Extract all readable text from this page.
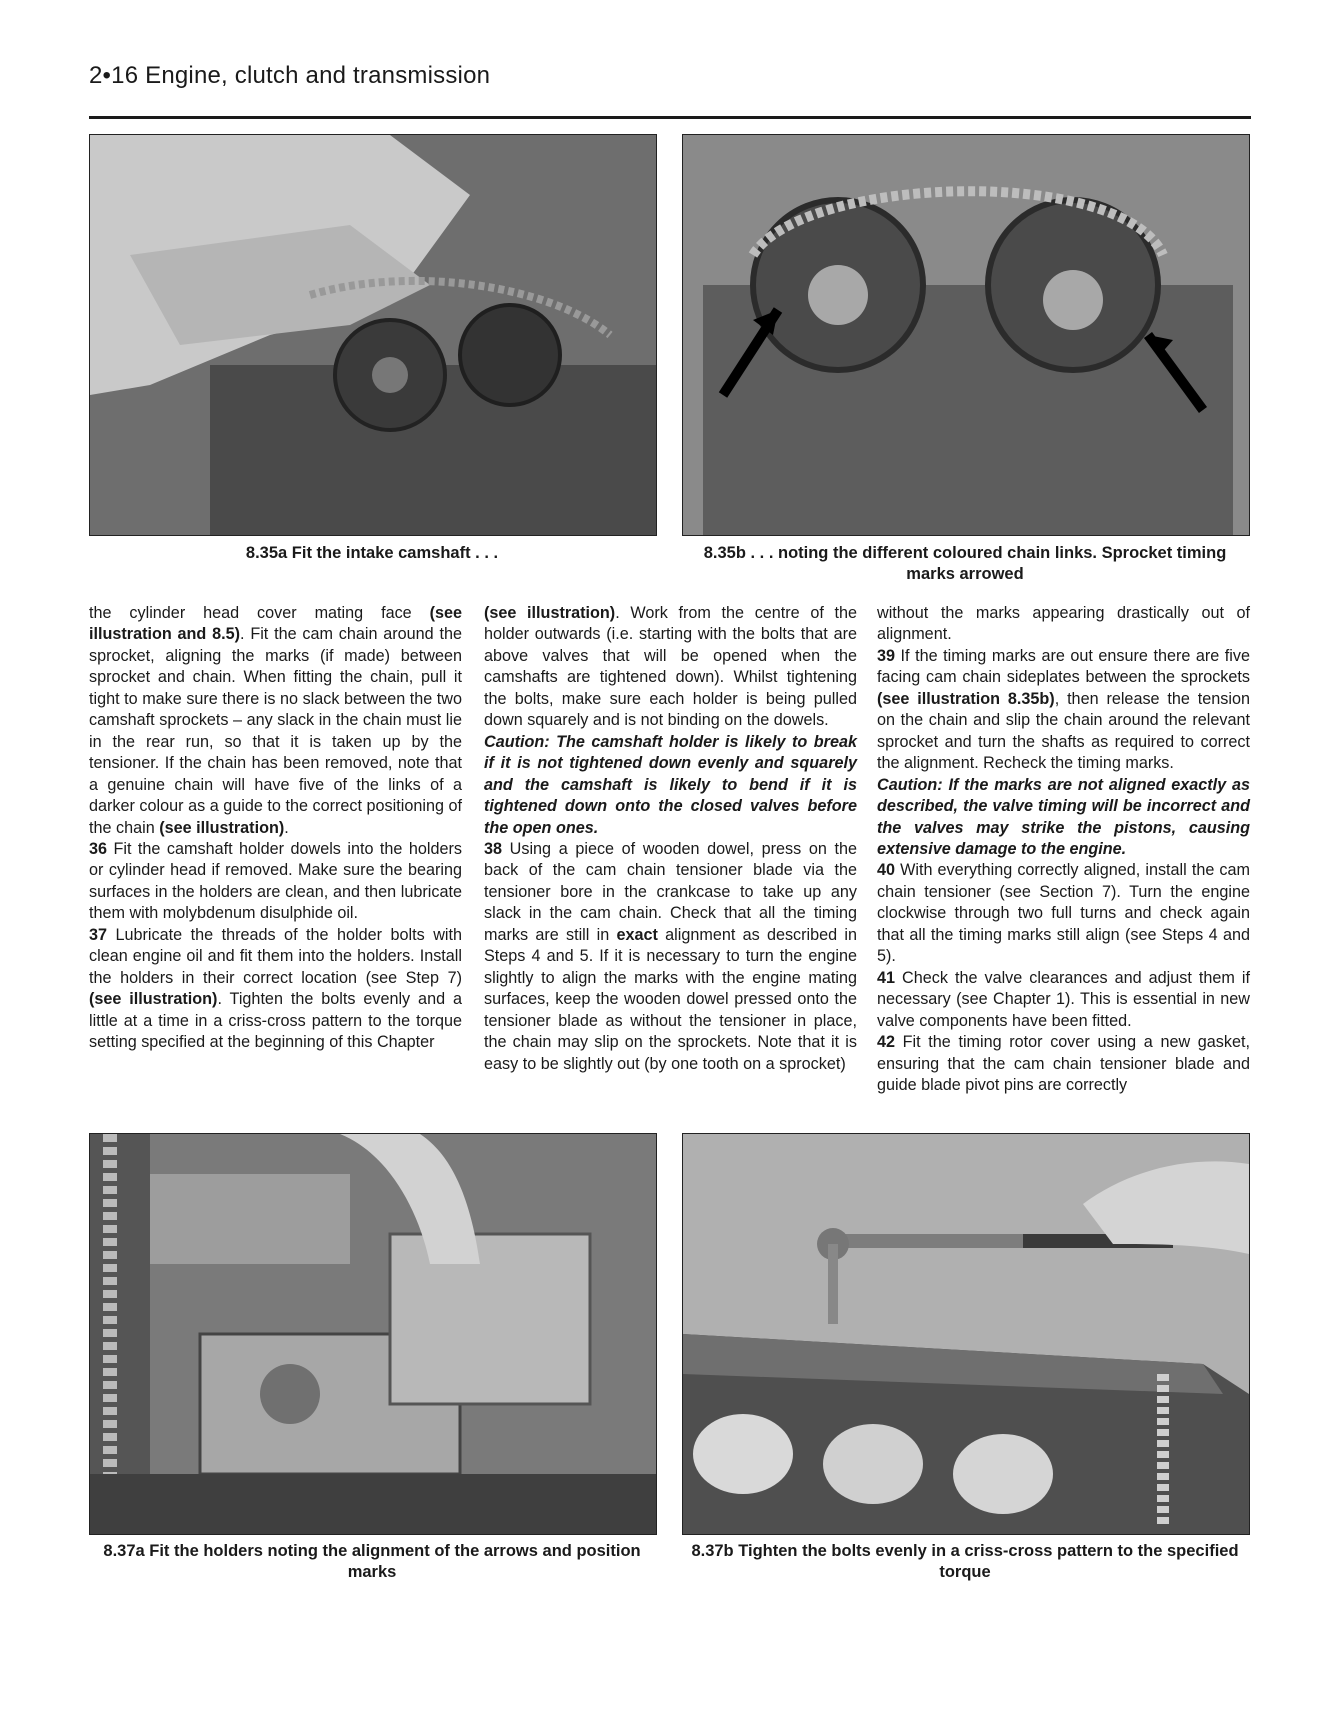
2•16 Engine, clutch and transmission
8.35a Fit the intake camshaft . . .	8.35b . . . noting the different coloured chain links. Sprocket timing marks arrowed

the cylinder head cover mating face (see illustration and 8.5). Fit the cam chain around the sprocket, aligning the marks (if made) between sprocket and chain. When fitting the chain, pull it tight to make sure there is no slack between the two camshaft sprockets – any slack in the chain must lie in the rear run, so that it is taken up by the tensioner. If the chain has been removed, note that a genuine chain will have five of the links of a darker colour as a guide to the correct positioning of the chain (see illustration).

36 Fit the camshaft holder dowels into the holders or cylinder head if removed. Make sure the bearing surfaces in the holders are clean, and then lubricate them with molybdenum disulphide oil.

37 Lubricate the threads of the holder bolts with clean engine oil and fit them into the holders. Install the holders in their correct location (see Step 7) (see illustration). Tighten the bolts evenly and a little at a time in a criss-cross pattern to the torque setting specified at the beginning of this Chapter

(see illustration). Work from the centre of the holder outwards (i.e. starting with the bolts that are above valves that will be opened when the camshafts are tightened down). Whilst tightening the bolts, make sure each holder is being pulled down squarely and is not binding on the dowels.

Caution: The camshaft holder is likely to break if it is not tightened down evenly and squarely and the camshaft is likely to bend if it is tightened down onto the closed valves before the open ones.

38 Using a piece of wooden dowel, press on the back of the cam chain tensioner blade via the tensioner bore in the crankcase to take up any slack in the cam chain. Check that all the timing marks are still in exact alignment as described in Steps 4 and 5. If it is necessary to turn the engine slightly to align the marks with the engine mating surfaces, keep the wooden dowel pressed onto the tensioner blade as without the tensioner in place, the chain may slip on the sprockets. Note that it is easy to be slightly out (by one tooth on a sprocket)

without the marks appearing drastically out of alignment.

39 If the timing marks are out ensure there are five facing cam chain sideplates between the sprockets (see illustration 8.35b), then release the tension on the chain and slip the chain around the relevant sprocket and turn the shafts as required to correct the alignment. Recheck the timing marks.

Caution: If the marks are not aligned exactly as described, the valve timing will be incorrect and the valves may strike the pistons, causing extensive damage to the engine.

40 With everything correctly aligned, install the cam chain tensioner (see Section 7). Turn the engine clockwise through two full turns and check again that all the timing marks still align (see Steps 4 and 5).

41 Check the valve clearances and adjust them if necessary (see Chapter 1). This is essential in new valve components have been fitted.

42 Fit the timing rotor cover using a new gasket, ensuring that the cam chain tensioner blade and guide blade pivot pins are correctly

8.37a Fit the holders noting the alignment of the arrows and position marks
8.37b Tighten the bolts evenly in a criss-cross pattern to the specified torque
